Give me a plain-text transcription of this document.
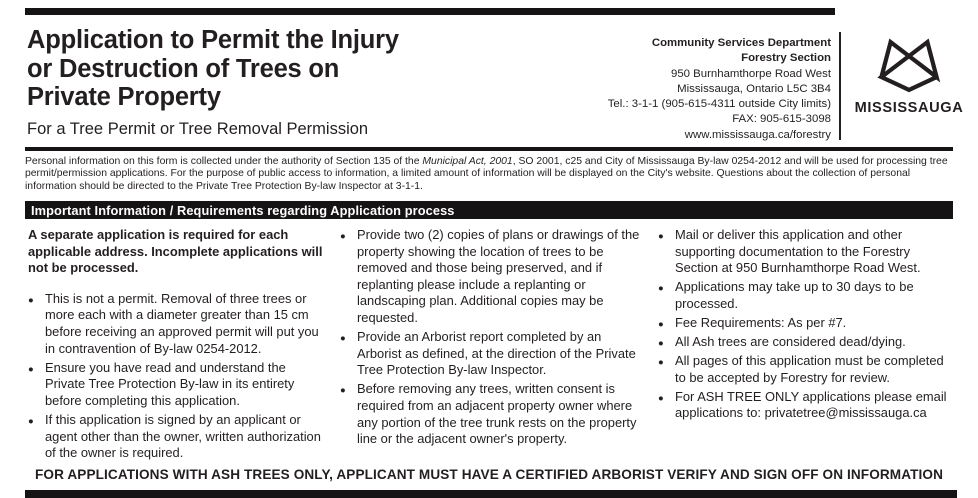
Application to Permit the Injury
or Destruction of Trees on
Private Property
For a Tree Permit or Tree Removal Permission
Community Services Department
Forestry Section
950 Burnhamthorpe Road West
Mississauga, Ontario L5C 3B4
Tel.: 3-1-1 (905-615-4311 outside City limits)
FAX: 905-615-3098
www.mississauga.ca/forestry
MISSISSAUGA

Personal information on this form is collected under the authority of Section 135 of the Municipal Act, 2001, SO 2001, c25 and City of Mississauga By-law 0254-2012 and will be used for processing tree permit/permission applications. For the purpose of public access to information, a limited amount of information will be displayed on the City's website. Questions about the collection of personal information should be directed to the Private Tree Protection By-law Inspector at 3-1-1.

Important Information / Requirements regarding Application process

A separate application is required for each applicable address. Incomplete applications will not be processed.

● This is not a permit. Removal of three trees or more each with a diameter greater than 15 cm before receiving an approved permit will put you in contravention of By-law 0254-2012.
● Ensure you have read and understand the Private Tree Protection By-law in its entirety before completing this application.
● If this application is signed by an applicant or agent other than the owner, written authorization of the owner is required.
● Provide two (2) copies of plans or drawings of the property showing the location of trees to be removed and those being preserved, and if replanting please include a replanting or landscaping plan. Additional copies may be requested.
● Provide an Arborist report completed by an Arborist as defined, at the direction of the Private Tree Protection By-law Inspector.
● Before removing any trees, written consent is required from an adjacent property owner where any portion of the tree trunk rests on the property line or the adjacent owner's property.
● Mail or deliver this application and other supporting documentation to the Forestry Section at 950 Burnhamthorpe Road West.
● Applications may take up to 30 days to be processed.
● Fee Requirements: As per #7.
● All Ash trees are considered dead/dying.
● All pages of this application must be completed to be accepted by Forestry for review.
● For ASH TREE ONLY applications please email applications to: privatetree@mississauga.ca
FOR APPLICATIONS WITH ASH TREES ONLY, APPLICANT MUST HAVE A CERTIFIED ARBORIST VERIFY AND SIGN OFF ON INFORMATION
